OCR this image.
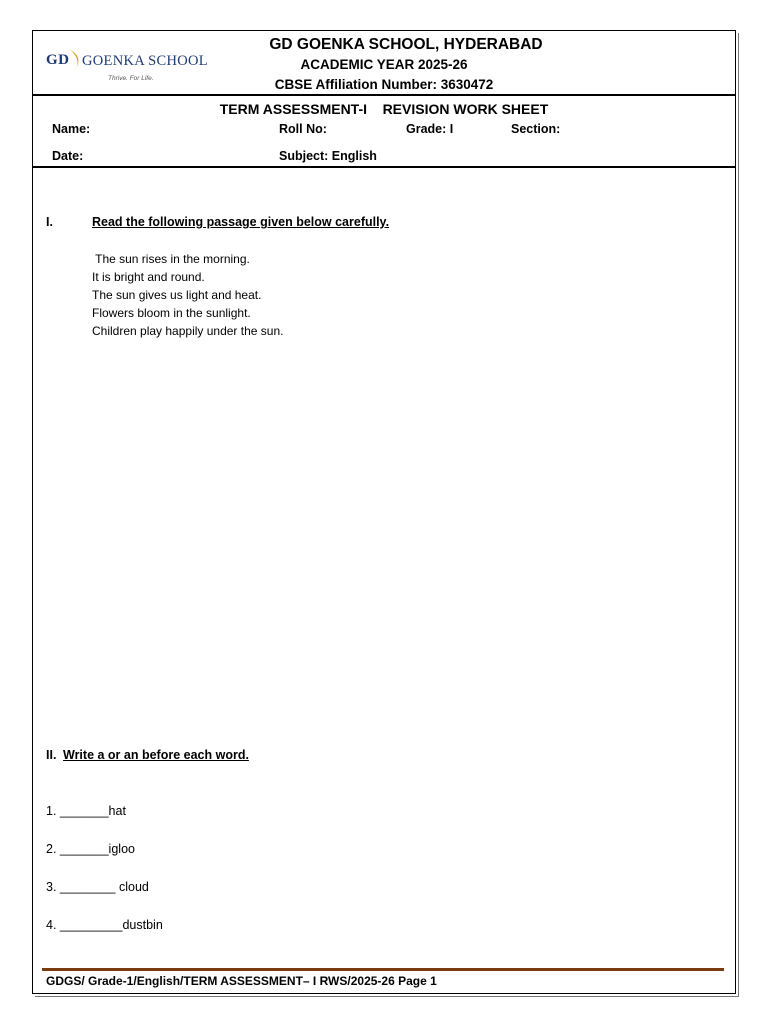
GD GOENKA SCHOOL
Thrive. For Life.
GD GOENKA SCHOOL, HYDERABAD
ACADEMIC YEAR 2025-26
CBSE Affiliation Number: 3630472
TERM ASSESSMENT-I    REVISION WORK SHEET
Name:	Roll No:	Grade: I	Section:
Date:	Subject: English
I.	Read the following passage given below carefully.
The sun rises in the morning.
It is bright and round.
The sun gives us light and heat.
Flowers bloom in the sunlight.
Children play happily under the sun.
II. Write a or an before each word.
1. _______hat
2. _______igloo
3. ________ cloud
4. _________dustbin
GDGS/ Grade-1/English/TERM ASSESSMENT– I RWS/2025-26 Page 1
